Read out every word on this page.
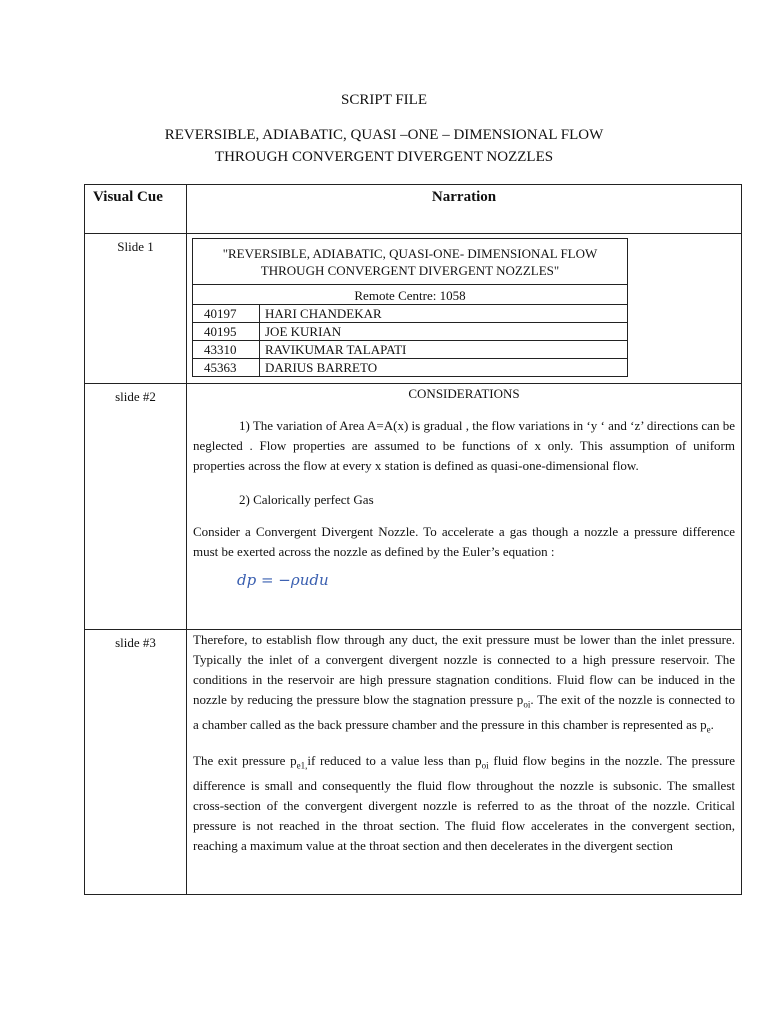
SCRIPT FILE
REVERSIBLE, ADIABATIC, QUASI –ONE – DIMENSIONAL FLOW
THROUGH CONVERGENT DIVERGENT NOZZLES
Visual Cue	Narration
Slide 1		"REVERSIBLE, ADIABATIC, QUASI-ONE- DIMENSIONAL FLOW
THROUGH CONVERGENT DIVERGENT NOZZLES"

Remote Centre: 1058
40197	HARI CHANDEKAR
40195	JOE KURIAN
43310	RAVIKUMAR TALAPATI
45363	DARIUS BARRETO

slide #2	CONSIDERATIONS

1) The variation of Area A=A(x) is gradual , the flow variations in ‘y ‘ and ‘z’ directions can be neglected . Flow properties are assumed to be functions of x only. This assumption of uniform properties across the flow at every x station is defined as quasi-one-dimensional flow.

2) Calorically perfect Gas

Consider a Convergent Divergent Nozzle. To accelerate a gas though a nozzle a pressure difference must be exerted across the nozzle as defined by the Euler’s equation :

dp = −ρudu

slide #3	Therefore, to establish flow through any duct, the exit pressure must be lower than the inlet pressure. Typically the inlet of a convergent divergent nozzle is connected to a high pressure reservoir. The conditions in the reservoir are high pressure stagnation conditions. Fluid flow can be induced in the nozzle by reducing the pressure blow the stagnation pressure $p_{oi}$. The exit of the nozzle is connected to a chamber called as the back pressure chamber and the pressure in this chamber is represented as $p_e$.

The exit pressure $p_{e1,}if$ reduced to a value less than $p_{oi}$ fluid flow begins in the nozzle. The pressure difference is small and consequently the fluid flow throughout the nozzle is subsonic. The smallest cross-section of the convergent divergent nozzle is referred to as the throat of the nozzle. Critical pressure is not reached in the throat section. The fluid flow accelerates in the convergent section, reaching a maximum value at the throat section and then decelerates in the divergent section
